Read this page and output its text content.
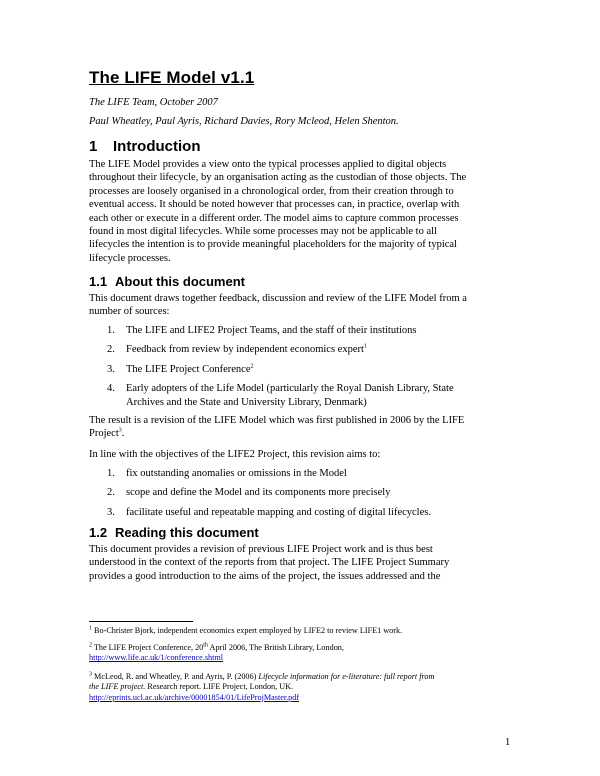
The LIFE Model v1.1
The LIFE Team, October 2007
Paul Wheatley, Paul Ayris, Richard Davies, Rory Mcleod, Helen Shenton.
1 Introduction
The LIFE Model provides a view onto the typical processes applied to digital objects
throughout their lifecycle, by an organisation acting as the custodian of those objects. The
processes are loosely organised in a chronological order, from their creation through to
eventual access. It should be noted however that processes can, in practice, overlap with
each other or execute in a different order. The model aims to capture common processes
found in most digital lifecycles. While some processes may not be applicable to all
lifecycles the intention is to provide meaningful placeholders for the majority of typical
lifecycle processes.
1.1 About this document
This document draws together feedback, discussion and review of the LIFE Model from a
number of sources:
1. The LIFE and LIFE2 Project Teams, and the staff of their institutions
2. Feedback from review by independent economics expert$^1$
3. The LIFE Project Conference$^2$
4. Early adopters of the Life Model (particularly the Royal Danish Library, State
Archives and the State and University Library, Denmark)
The result is a revision of the LIFE Model which was first published in 2006 by the LIFE
Project$^3$.
In line with the objectives of the LIFE2 Project, this revision aims to:
1. fix outstanding anomalies or omissions in the Model
2. scope and define the Model and its components more precisely
3. facilitate useful and repeatable mapping and costing of digital lifecycles.
1.2 Reading this document
This document provides a revision of previous LIFE Project work and is thus best
understood in the context of the reports from that project. The LIFE Project Summary
provides a good introduction to the aims of the project, the issues addressed and the
$^1$ Bo-Christer Bjork, independent economics expert employed by LIFE2 to review LIFE1 work.
$^2$ The LIFE Project Conference, 20th April 2006, The British Library, London,
http://www.life.ac.uk/1/conference.shtml
$^3$ McLeod, R. and Wheatley, P. and Ayris, P. (2006) Lifecycle information for e-literature: full report from
the LIFE project. Research report. LIFE Project, London, UK.
http://eprints.ucl.ac.uk/archive/00001854/01/LifeProjMaster.pdf
1
